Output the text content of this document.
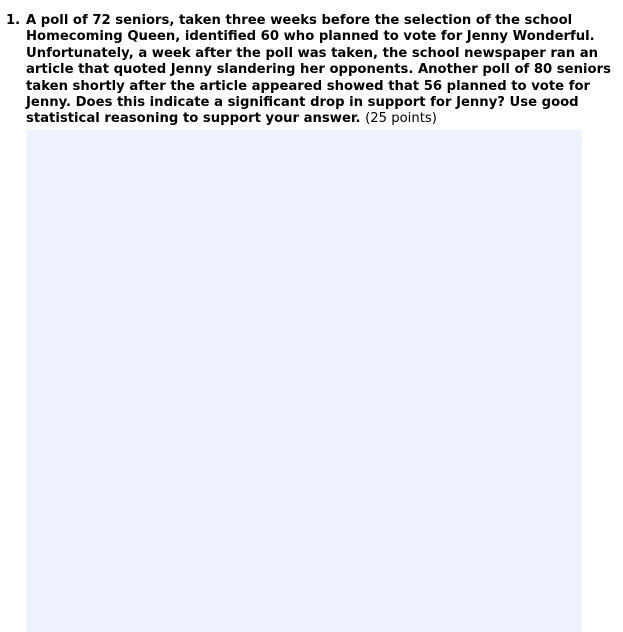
1. A poll of 72 seniors, taken three weeks before the selection of the school
Homecoming Queen, identified 60 who planned to vote for Jenny Wonderful.
Unfortunately, a week after the poll was taken, the school newspaper ran an
article that quoted Jenny slandering her opponents. Another poll of 80 seniors
taken shortly after the article appeared showed that 56 planned to vote for
Jenny. Does this indicate a significant drop in support for Jenny? Use good
statistical reasoning to support your answer. (25 points)
